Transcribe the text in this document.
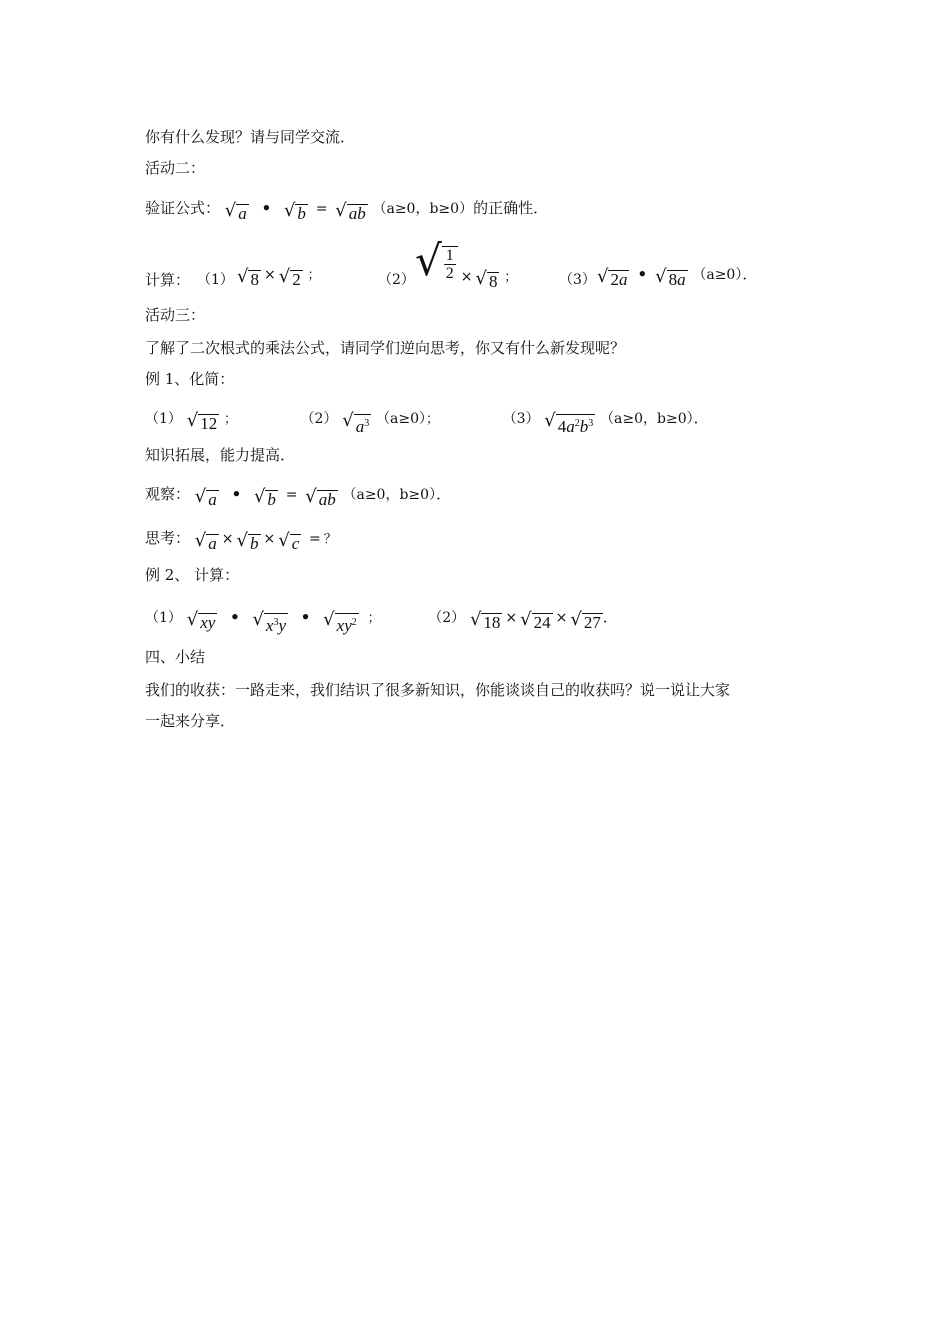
你有什么发现？请与同学交流．
活动二：
验证公式： √ a • √ b = √ ab （a≥0，b≥0）的正确性．
计算： （1） √ 8 × √ 2 ；	（2） √ 1
2 × √ 8 ；	（3） √ 2a • √ 8a （a≥0）．
活动三：
了解了二次根式的乘法公式，请同学们逆向思考，你又有什么新发现呢？
例 1、化简：
（1） √ 12 ；	（2） √ $a^3$ （a≥0）；	（3） √ $4a^2b^3$ （a≥0，b≥0）．
知识拓展，能力提高．
观察： √ a • √ b = √ ab （a≥0，b≥0）．
思考： √ a × √ b × √ c = ？
例 2、 计算：
（1） √ xy • √ $x^3y$ • √ $xy^2$ ；	（2） √ 18 × √ 24 × √ 27 ．
四、小结
我们的收获：一路走来，我们结识了很多新知识，你能谈谈自己的收获吗？说一说让大家
一起来分享．
